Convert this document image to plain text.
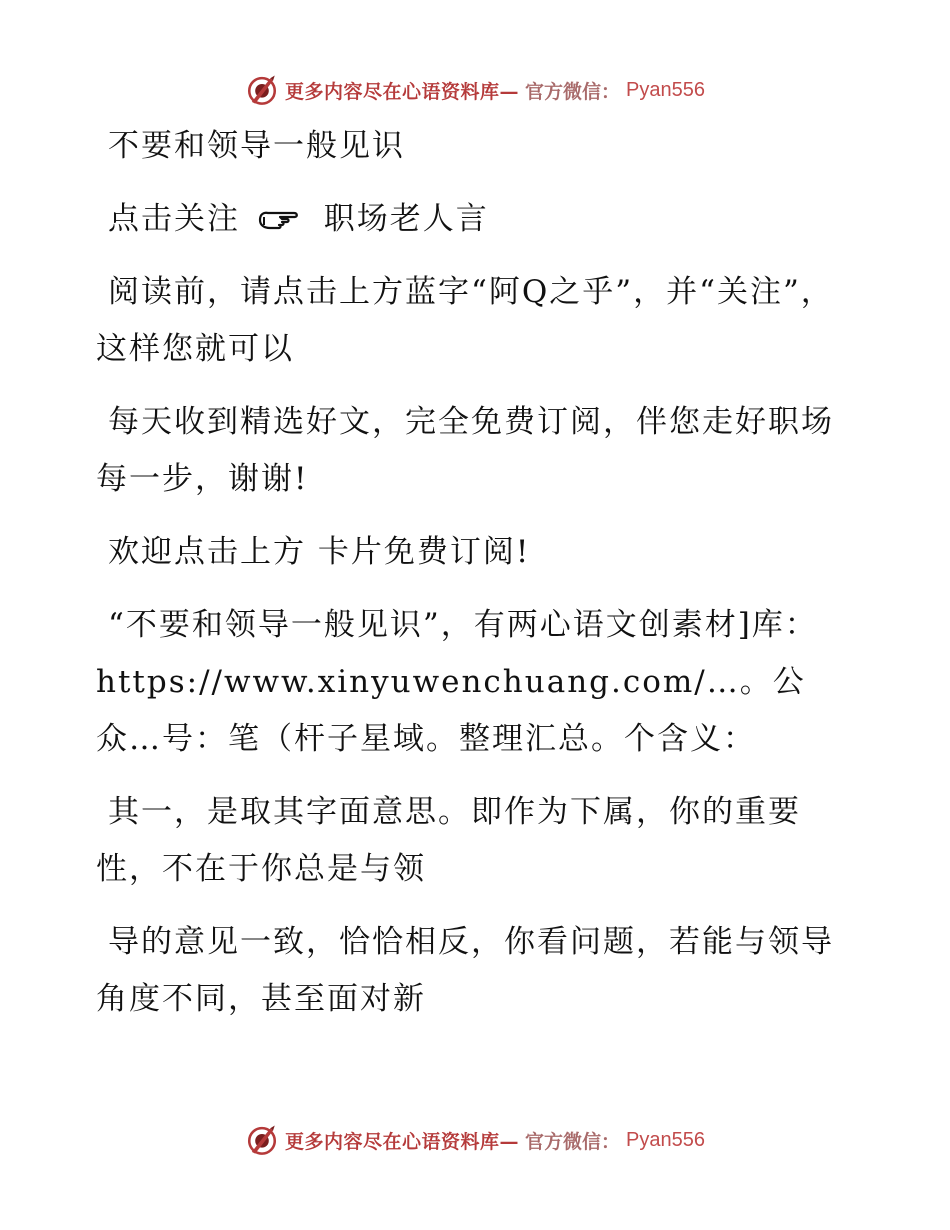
更多内容尽在心语资料库— 官方微信： Pyan556

不要和领导一般见识

点击关注	职场老人言

阅读前，请点击上方蓝字“阿Q之乎”，并“关注”，这样您就可以

每天收到精选好文，完全免费订阅，伴您走好职场每一步，谢谢!

欢迎点击上方 卡片免费订阅!

“不要和领导一般见识”，有两心语文创素材]库：https://www.xinyuwenchuang.com/…。公众…号：笔（杆子星域。整理汇总。个含义：

其一，是取其字面意思。即作为下属，你的重要性，不在于你总是与领

导的意见一致，恰恰相反，你看问题，若能与领导角度不同，甚至面对新

更多内容尽在心语资料库— 官方微信： Pyan556
